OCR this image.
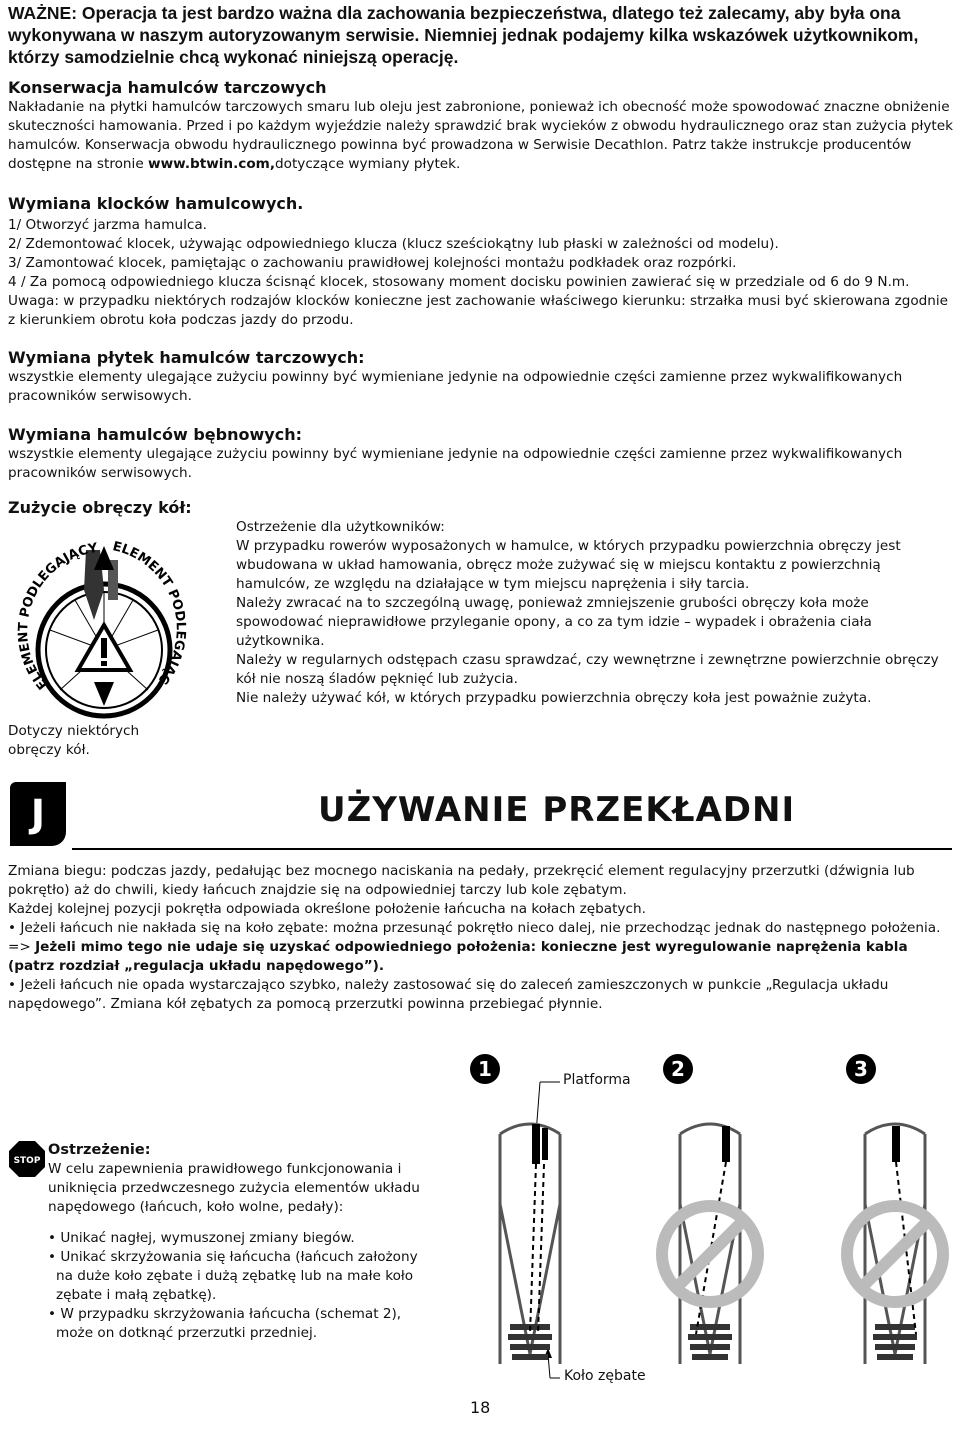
WAŻNE: Operacja ta jest bardzo ważna dla zachowania bezpieczeństwa, dlatego też zalecamy, aby była ona wykonywana w naszym autoryzowanym serwisie. Niemniej jednak podajemy kilka wskazówek użytkownikom, którzy samodzielnie chcą wykonać niniejszą operację.

Konserwacja hamulców tarczowych

Nakładanie na płytki hamulców tarczowych smaru lub oleju jest zabronione, ponieważ ich obecność może spowodować znaczne obniżenie skuteczności hamowania. Przed i po każdym wyjeździe należy sprawdzić brak wycieków z obwodu hydraulicznego oraz stan zużycia płytek hamulców. Konserwacja obwodu hydraulicznego powinna być prowadzona w Serwisie Decathlon. Patrz także instrukcje producentów dostępne na stronie www.btwin.com,dotyczące wymiany płytek.

Wymiana klocków hamulcowych.

1/ Otworzyć jarzma hamulca.

2/ Zdemontować klocek, używając odpowiedniego klucza (klucz sześciokątny lub płaski w zależności od modelu).

3/ Zamontować klocek, pamiętając o zachowaniu prawidłowej kolejności montażu podkładek oraz rozpórki.

4 / Za pomocą odpowiedniego klucza ścisnąć klocek, stosowany moment docisku powinien zawierać się w przedziale od 6 do 9 N.m.

Uwaga: w przypadku niektórych rodzajów klocków konieczne jest zachowanie właściwego kierunku: strzałka musi być skierowana zgodnie z kierunkiem obrotu koła podczas jazdy do przodu.

Wymiana płytek hamulców tarczowych:

wszystkie elementy ulegające zużyciu powinny być wymieniane jedynie na odpowiednie części zamienne przez wykwalifikowanych pracowników serwisowych.

Wymiana hamulców bębnowych:

wszystkie elementy ulegające zużyciu powinny być wymieniane jedynie na odpowiednie części zamienne przez wykwalifikowanych pracowników serwisowych.

Zużycie obręczy kół:

ELEMENT PODLEGAJĄCY ELEMENT PODLEGAJĄC

Dotyczy niektórych obręczy kół.

Ostrzeżenie dla użytkowników:

W przypadku rowerów wyposażonych w hamulce, w których przypadku powierzchnia obręczy jest wbudowana w układ hamowania, obręcz może zużywać się w miejscu kontaktu z powierzchnią hamulców, ze względu na działające w tym miejscu naprężenia i siły tarcia.

Należy zwracać na to szczególną uwagę, ponieważ zmniejszenie grubości obręczy koła może spowodować nieprawidłowe przyleganie opony, a co za tym idzie – wypadek i obrażenia ciała użytkownika.

Należy w regularnych odstępach czasu sprawdzać, czy wewnętrzne i zewnętrzne powierzchnie obręczy kół nie noszą śladów pęknięć lub zużycia.

Nie należy używać kół, w których przypadku powierzchnia obręczy koła jest poważnie zużyta.

J	UŻYWANIE PRZEKŁADNI

Zmiana biegu: podczas jazdy, pedałując bez mocnego naciskania na pedały, przekręcić element regulacyjny przerzutki (dźwignia lub pokrętło) aż do chwili, kiedy łańcuch znajdzie się na odpowiedniej tarczy lub kole zębatym.

Każdej kolejnej pozycji pokrętła odpowiada określone położenie łańcucha na kołach zębatych.

• Jeżeli łańcuch nie nakłada się na koło zębate: można przesunąć pokrętło nieco dalej, nie przechodząc jednak do następnego położenia.

=> Jeżeli mimo tego nie udaje się uzyskać odpowiedniego położenia: konieczne jest wyregulowanie naprężenia kabla (patrz rozdział „regulacja układu napędowego”).

• Jeżeli łańcuch nie opada wystarczająco szybko, należy zastosować się do zaleceń zamieszczonych w punkcie „Regulacja układu napędowego”. Zmiana kół zębatych za pomocą przerzutki powinna przebiegać płynnie.

STOP

Ostrzeżenie:

W celu zapewnienia prawidłowego funkcjonowania i uniknięcia przedwczesnego zużycia elementów układu napędowego (łańcuch, koło wolne, pedały):

• Unikać nagłej, wymuszonej zmiany biegów.
• Unikać skrzyżowania się łańcucha (łańcuch założony na duże koło zębate i dużą zębatkę lub na małe koło zębate i małą zębatkę).
• W przypadku skrzyżowania łańcucha (schemat 2), może on dotknąć przerzutki przedniej.
1	2	3
Platforma
Koło zębate
18
